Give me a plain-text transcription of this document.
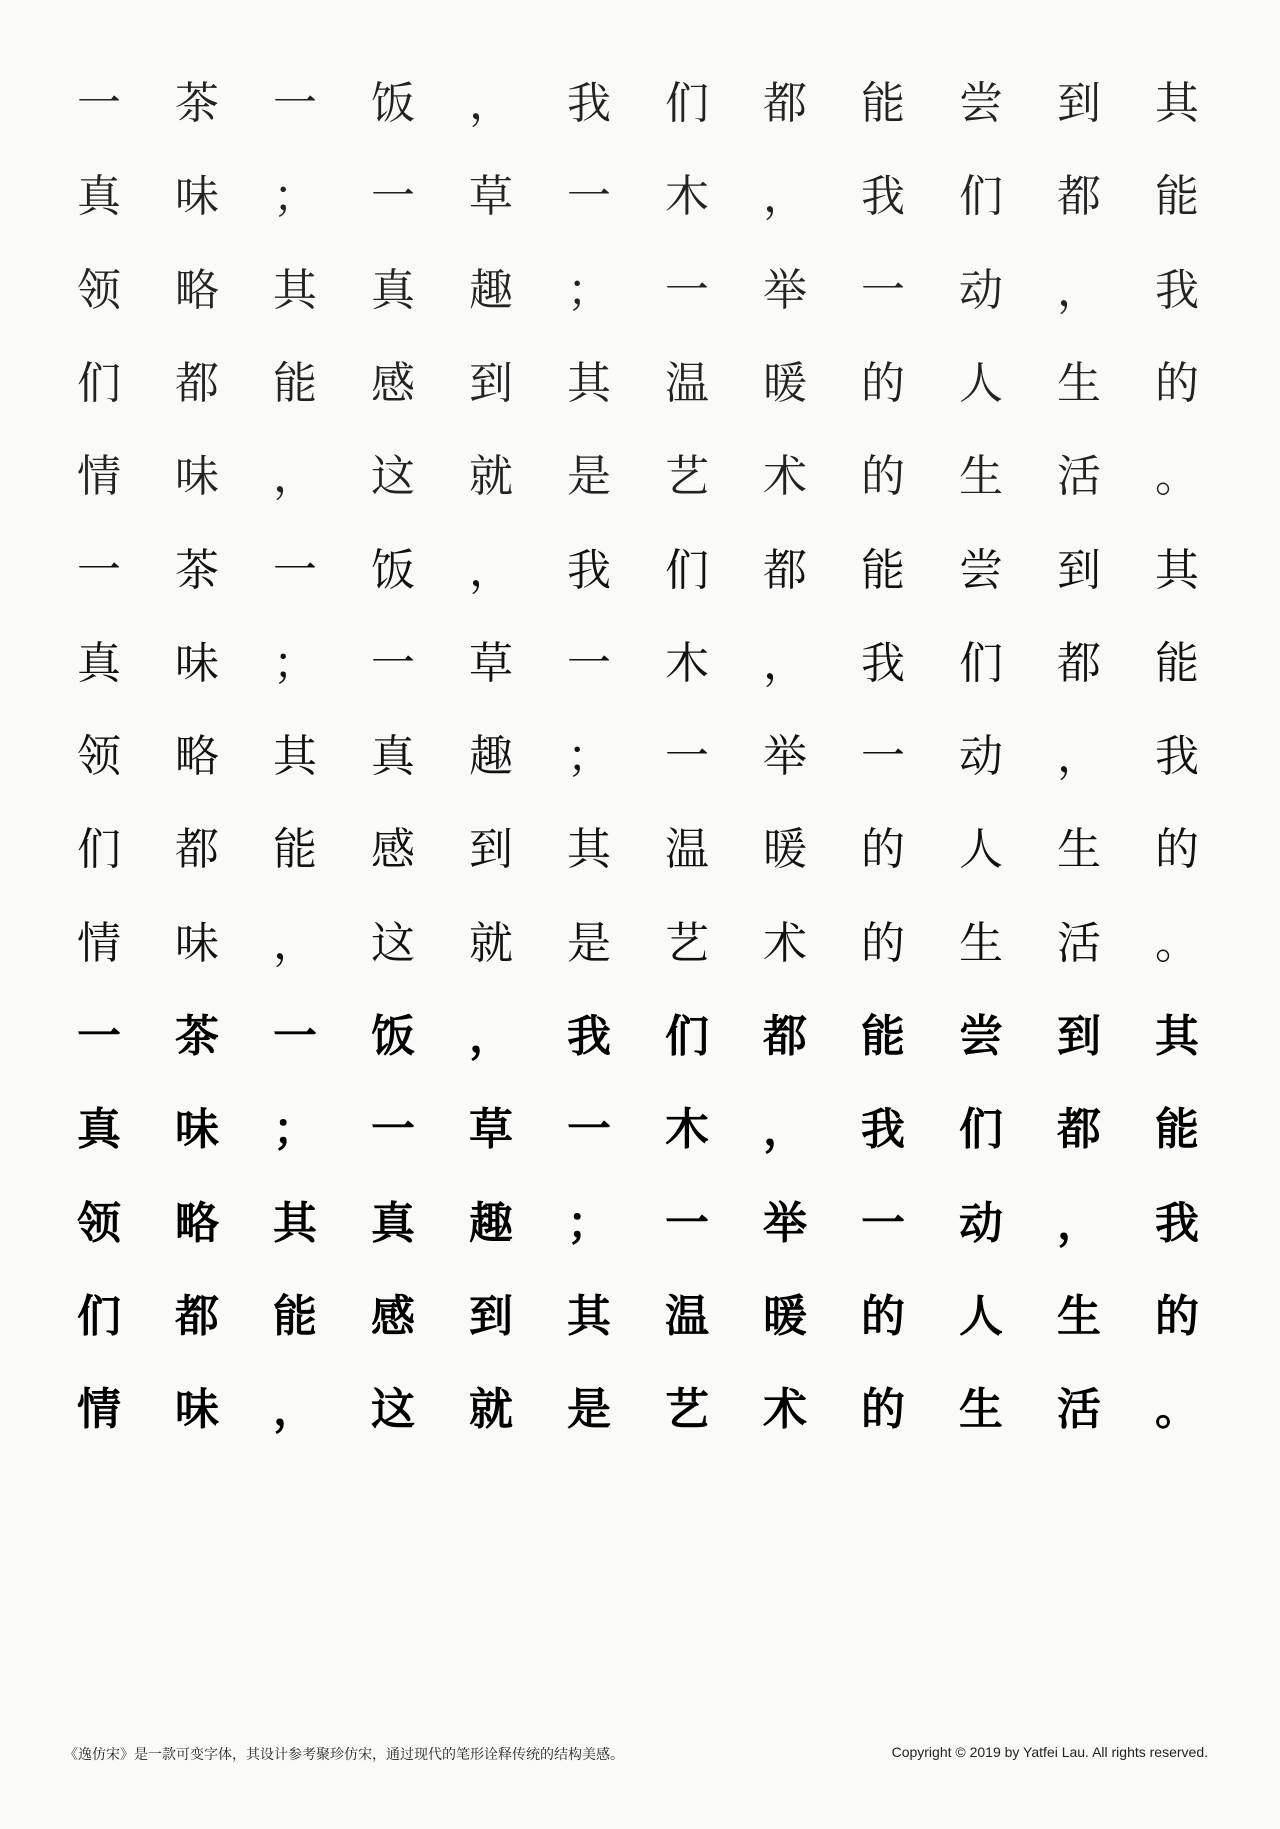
一	茶	一	饭	，	我	们	都	能	尝	到	其
真	味	；	一	草	一	木	，	我	们	都	能
领	略	其	真	趣	；	一	举	一	动	，	我
们	都	能	感	到	其	温	暖	的	人	生	的
情	味	，	这	就	是	艺	术	的	生	活	。
一	茶	一	饭	，	我	们	都	能	尝	到	其
真	味	；	一	草	一	木	，	我	们	都	能
领	略	其	真	趣	；	一	举	一	动	，	我
们	都	能	感	到	其	温	暖	的	人	生	的
情	味	，	这	就	是	艺	术	的	生	活	。
一	茶	一	饭	，	我	们	都	能	尝	到	其
真	味	；	一	草	一	木	，	我	们	都	能
领	略	其	真	趣	；	一	举	一	动	，	我
们	都	能	感	到	其	温	暖	的	人	生	的
情	味	，	这	就	是	艺	术	的	生	活	。
《逸仿宋》是一款可变字体，其设计参考聚珍仿宋，通过现代的笔形诠释传统的结构美感。	Copyright © 2019 by Yatfei Lau. All rights reserved.
